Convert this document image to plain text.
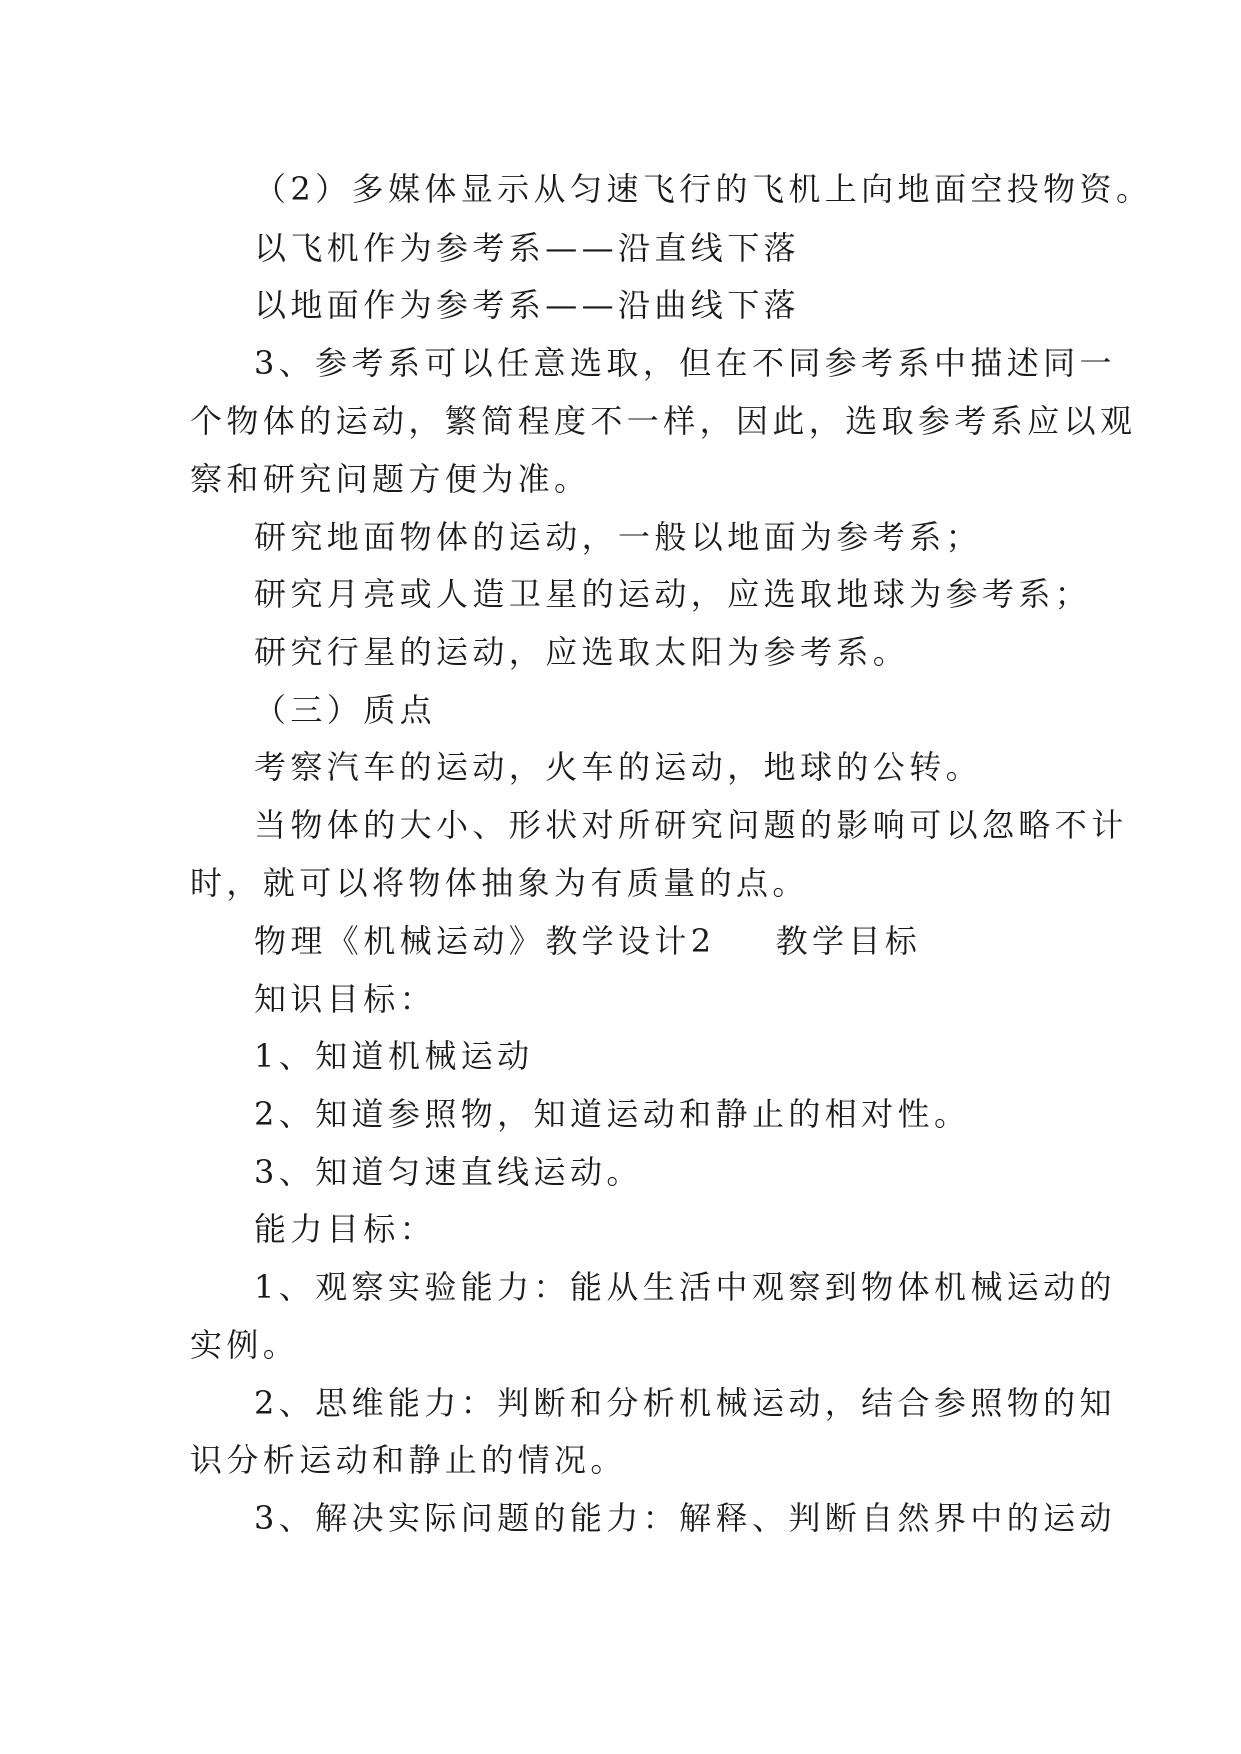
（2）多媒体显示从匀速飞行的飞机上向地面空投物资。
以飞机作为参考系——沿直线下落
以地面作为参考系——沿曲线下落
3、参考系可以任意选取，但在不同参考系中描述同一
个物体的运动，繁简程度不一样，因此，选取参考系应以观
察和研究问题方便为准。
研究地面物体的运动，一般以地面为参考系；
研究月亮或人造卫星的运动，应选取地球为参考系；
研究行星的运动，应选取太阳为参考系。
（三）质点
考察汽车的运动，火车的运动，地球的公转。
当物体的大小、形状对所研究问题的影响可以忽略不计
时，就可以将物体抽象为有质量的点。
物理《机械运动》教学设计2 教学目标
知识目标：
1、知道机械运动
2、知道参照物，知道运动和静止的相对性。
3、知道匀速直线运动。
能力目标：
1、观察实验能力：能从生活中观察到物体机械运动的
实例。
2、思维能力：判断和分析机械运动，结合参照物的知
识分析运动和静止的情况。
3、解决实际问题的能力：解释、判断自然界中的运动
